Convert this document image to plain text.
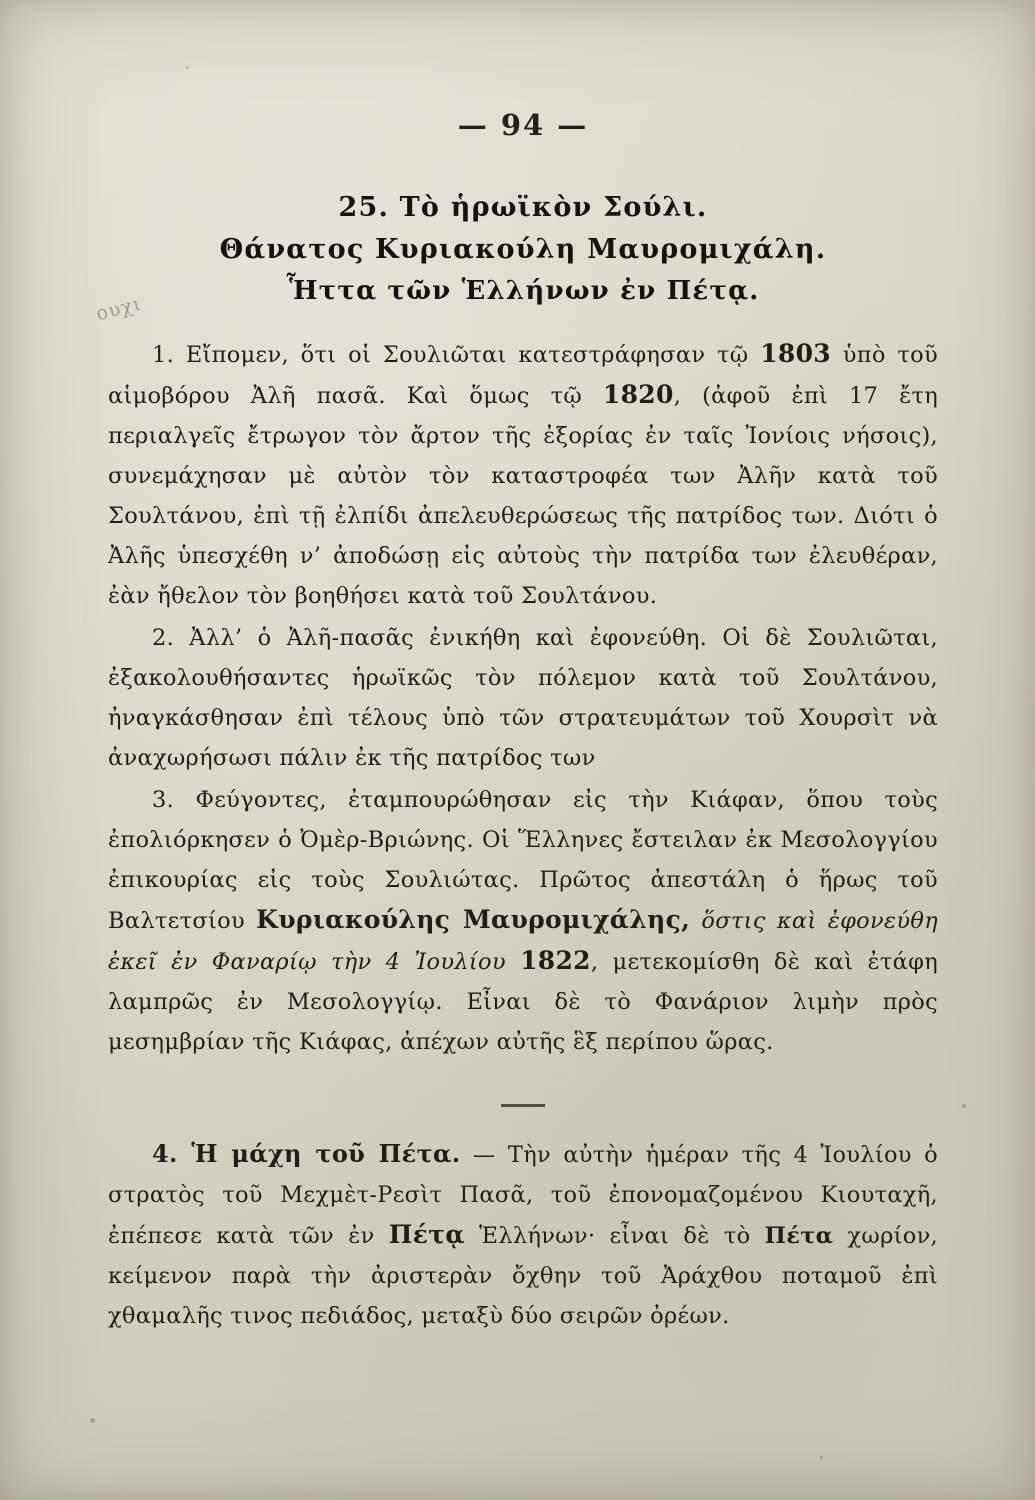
ουχι
— 94 —
25. Τὸ ἡρωϊκὸν Σούλι.
Θάνατος Κυριακούλη Μαυρομιχάλη.
Ἧττα τῶν Ἑλλήνων ἐν Πέτᾳ.

1. Εἴπομεν, ὅτι οἱ Σουλιῶται κατεστράφησαν τῷ 1803 ὑπὸ τοῦ αἱμοβόρου Ἀλῆ πασᾶ. Καὶ ὅμως τῷ 1820, (ἀφοῦ ἐπὶ 17 ἔτη περιαλγεῖς ἔτρωγον τὸν ἄρτον τῆς ἐξορίας ἐν ταῖς Ἰονίοις νήσοις), συνεμάχησαν μὲ αὐτὸν τὸν καταστροφέα των Ἀλῆν κατὰ τοῦ Σουλτάνου, ἐπὶ τῇ ἐλπίδι ἀπελευθερώσεως τῆς πατρίδος των. Διότι ὁ Ἀλῆς ὑπεσχέθη ν’ ἀποδώσῃ εἰς αὐτοὺς τὴν πατρίδα των ἐλευθέραν, ἐὰν ἤθελον τὸν βοηθήσει κατὰ τοῦ Σουλτάνου.

2. Ἀλλ’ ὁ Ἀλῆ-πασᾶς ἐνικήθη καὶ ἐφονεύθη. Οἱ δὲ Σουλιῶται, ἐξακολουθήσαντες ἡρωϊκῶς τὸν πόλεμον κατὰ τοῦ Σουλτάνου, ἠναγκάσθησαν ἐπὶ τέλους ὑπὸ τῶν στρατευμάτων τοῦ Χουρσὶτ νὰ ἀναχωρήσωσι πάλιν ἐκ τῆς πατρίδος των

3. Φεύγοντες, ἐταμπουρώθησαν εἰς τὴν Κιάφαν, ὅπου τοὺς ἐπολιόρκησεν ὁ Ὀμὲρ-Βριώνης. Οἱ Ἕλληνες ἔστειλαν ἐκ Μεσολογγίου ἐπικουρίας εἰς τοὺς Σουλιώτας. Πρῶτος ἀπεστάλη ὁ ἥρως τοῦ Βαλτετσίου Κυριακούλης Μαυρομιχάλης, ὅστις καὶ ἐφονεύθη ἐκεῖ ἐν Φαναρίῳ τὴν 4 Ἰουλίου 1822, μετεκομίσθη δὲ καὶ ἐτάφη λαμπρῶς ἐν Μεσολογγίῳ. Εἶναι δὲ τὸ Φανάριον λιμὴν πρὸς μεσημβρίαν τῆς Κιάφας, ἀπέχων αὐτῆς ἓξ περίπου ὥρας.

4. Ἡ μάχη τοῦ Πέτα. — Τὴν αὐτὴν ἡμέραν τῆς 4 Ἰουλίου ὁ στρατὸς τοῦ Μεχμὲτ-Ρεσὶτ Πασᾶ, τοῦ ἐπονομαζομένου Κιουταχῆ, ἐπέπεσε κατὰ τῶν ἐν Πέτᾳ Ἑλλήνων· εἶναι δὲ τὸ Πέτα χωρίον, κείμενον παρὰ τὴν ἀριστερὰν ὄχθην τοῦ Ἀράχθου ποταμοῦ ἐπὶ χθαμαλῆς τινος πεδιάδος, μεταξὺ δύο σειρῶν ὀρέων.
